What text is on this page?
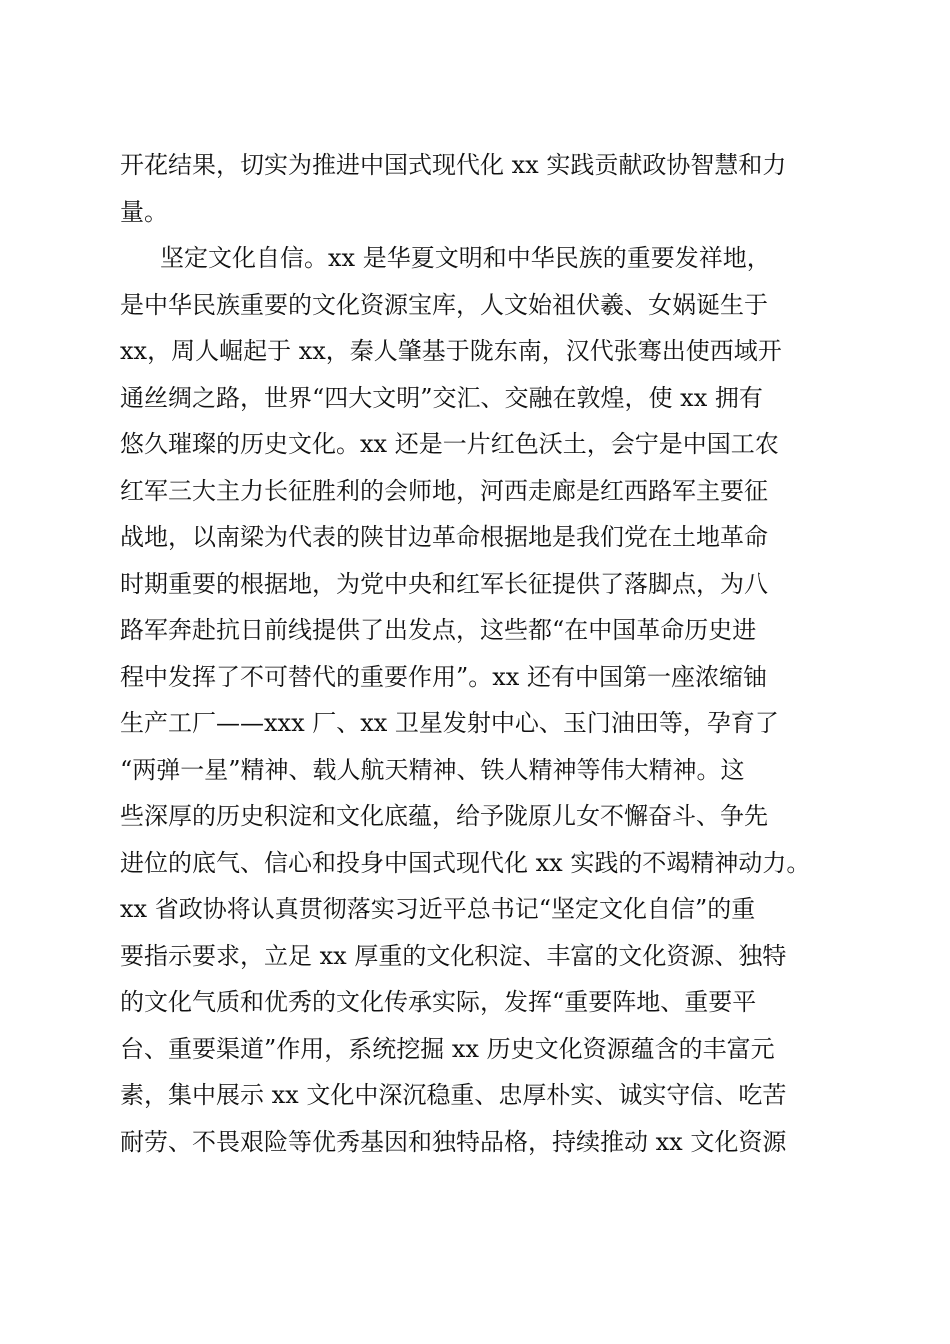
开花结果，切实为推进中国式现代化 xx 实践贡献政协智慧和力
量。
坚定文化自信。xx 是华夏文明和中华民族的重要发祥地，
是中华民族重要的文化资源宝库，人文始祖伏羲、女娲诞生于
xx，周人崛起于 xx，秦人肇基于陇东南，汉代张骞出使西域开
通丝绸之路，世界“四大文明”交汇、交融在敦煌，使 xx 拥有
悠久璀璨的历史文化。xx 还是一片红色沃土，会宁是中国工农
红军三大主力长征胜利的会师地，河西走廊是红西路军主要征
战地，以南梁为代表的陕甘边革命根据地是我们党在土地革命
时期重要的根据地，为党中央和红军长征提供了落脚点，为八
路军奔赴抗日前线提供了出发点，这些都“在中国革命历史进
程中发挥了不可替代的重要作用”。xx 还有中国第一座浓缩铀
生产工厂——xxx 厂、xx 卫星发射中心、玉门油田等，孕育了
“两弹一星”精神、载人航天精神、铁人精神等伟大精神。这
些深厚的历史积淀和文化底蕴，给予陇原儿女不懈奋斗、争先
进位的底气、信心和投身中国式现代化 xx 实践的不竭精神动力。
xx 省政协将认真贯彻落实习近平总书记“坚定文化自信”的重
要指示要求，立足 xx 厚重的文化积淀、丰富的文化资源、独特
的文化气质和优秀的文化传承实际，发挥“重要阵地、重要平
台、重要渠道”作用，系统挖掘 xx 历史文化资源蕴含的丰富元
素，集中展示 xx 文化中深沉稳重、忠厚朴实、诚实守信、吃苦
耐劳、不畏艰险等优秀基因和独特品格，持续推动 xx 文化资源
